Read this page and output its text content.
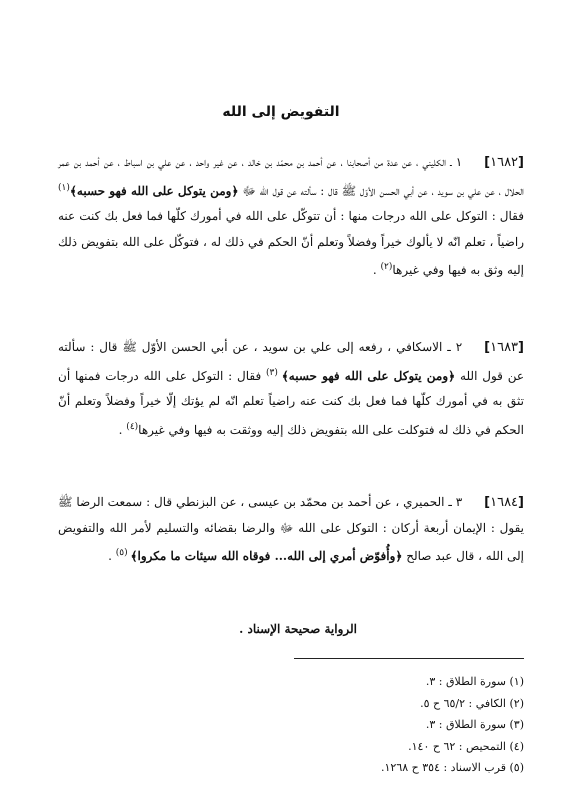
التفويض إلى الله
[١٦٨٢]١ ـ الكليني ، عن عدة من أصحابنا ، عن أحمد بن محمّد بن خالد ، عن غير واحد ، عن علي بن اسباط ، عن أحمد بن عمر الحلال ، عن علي بن سويد ، عن أبي الحسن الأوّل ﷺ قال : سألته عن قول الله ﷻ ﴿ومن يتوكل على الله فهو حسبه﴾$^{(١)}$ فقال : التوكل على الله درجات منها : أن تتوكّل على الله في أمورك كلّها فما فعل بك كنت عنه راضياً ، تعلم انّه لا يألوك خيراً وفضلاً وتعلم أنّ الحكم في ذلك له ، فتوكّل على الله بتفويض ذلك إليه وثق به فيها وفي غيرها$^{(٢)}$ .
[١٦٨٣]٢ ـ الاسكافي ، رفعه إلى علي بن سويد ، عن أبي الحسن الأوّل ﷺ قال : سألته عن قول الله ﴿ومن يتوكل على الله فهو حسبه﴾ $^{(٣)}$ فقال : التوكل على الله درجات فمنها أن تثق به في أمورك كلّها فما فعل بك كنت عنه راضياً تعلم انّه لم يؤتك إلّا خيراً وفضلاً وتعلم أنّ الحكم في ذلك له فتوكلت على الله بتفويض ذلك إليه ووثقت به فيها وفي غيرها$^{(٤)}$ .
[١٦٨٤]٣ ـ الحميري ، عن أحمد بن محمّد بن عيسى ، عن البزنطي قال : سمعت الرضا ﷺ يقول : الإيمان أربعة أركان : التوكل على الله ﷻ والرضا بقضائه والتسليم لأمر الله والتفويض إلى الله ، قال عبد صالح ﴿وأُفوّض أمري إلى الله... فوقاه الله سيئات ما مكروا﴾ $^{(٥)}$ .
الرواية صحيحة الإسناد .
(١) سورة الطلاق : ٣.
(٢) الكافي : ٦٥/٢ ح ٥.
(٣) سورة الطلاق : ٣.
(٤) التمحيص : ٦٢ ح ١٤٠.
(٥) قرب الاسناد : ٣٥٤ ح ١٢٦٨.
